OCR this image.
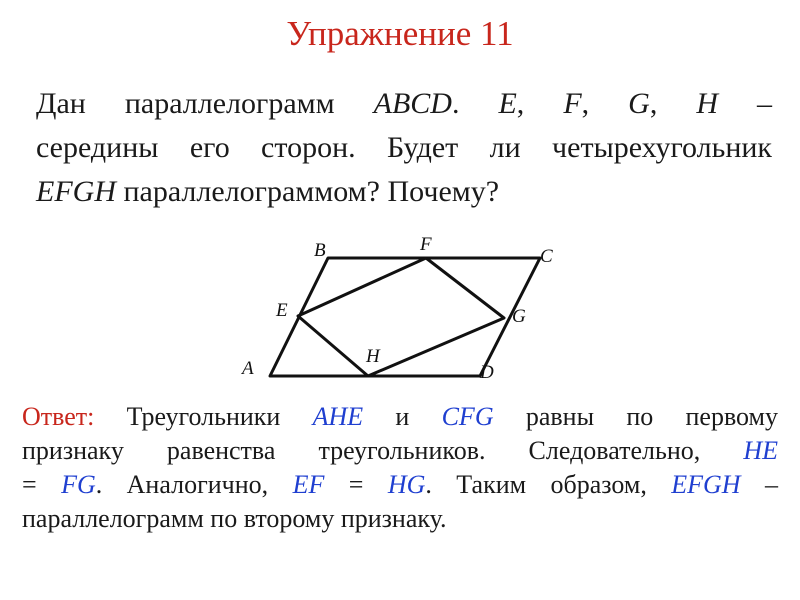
Упражнение 11
Дан параллелограмм ABCD. E, F, G, H –
середины его сторон. Будет ли четырехугольник
EFGH параллелограммом? Почему?
A
B	C
D
E
F
G
H
Ответ: Треугольники AHE и CFG равны по первому
признаку равенства треугольников. Следовательно, HE
= FG. Аналогично, EF = HG. Таким образом, EFGH –
параллелограмм по второму признаку.
